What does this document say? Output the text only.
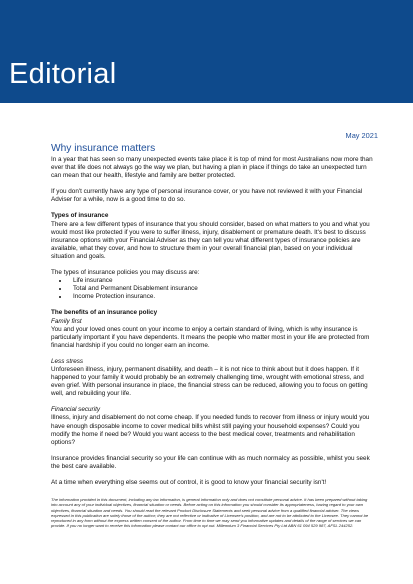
Editorial
May 2021
Why insurance matters

In a year that has seen so many unexpected events take place it is top of mind for most Australians now more than ever that life does not always go the way we plan, but having a plan in place if things do take an unexpected turn can mean that our health, lifestyle and family are better protected.

If you don't currently have any type of personal insurance cover, or you have not reviewed it with your Financial Adviser for a while, now is a good time to do so.

Types of insurance

There are a few different types of insurance that you should consider, based on what matters to you and what you would most like protected if you were to suffer illness, injury, disablement or premature death. It's best to discuss insurance options with your Financial Adviser as they can tell you what different types of insurance policies are available, what they cover, and how to structure them in your overall financial plan, based on your individual situation and goals.

The types of insurance policies you may discuss are:
• Life insurance
• Total and Permanent Disablement insurance
• Income Protection insurance.
The benefits of an insurance policy
Family first

You and your loved ones count on your income to enjoy a certain standard of living, which is why insurance is particularly important if you have dependents. It means the people who matter most in your life are protected from financial hardship if you could no longer earn an income.

Less stress

Unforeseen illness, injury, permanent disability, and death – it is not nice to think about but it does happen. If it happened to your family it would probably be an extremely challenging time, wrought with emotional stress, and even grief. With personal insurance in place, the financial stress can be reduced, allowing you to focus on getting well, and rebuilding your life.

Financial security

Illness, injury and disablement do not come cheap. If you needed funds to recover from illness or injury would you have enough disposable income to cover medical bills whilst still paying your household expenses? Could you modify the home if need be? Would you want access to the best medical cover, treatments and rehabilitation options?

Insurance provides financial security so your life can continue with as much normalcy as possible, whilst you seek the best care available.

At a time when everything else seems out of control, it is good to know your financial security isn't!

The information provided in this document, including any tax information, is general information only and does not constitute personal advice. It has been prepared without taking into account any of your individual objectives, financial situation or needs. Before acting on this information you should consider its appropriateness, having regard to your own objectives, financial situation and needs. You should read the relevant Product Disclosure Statements and seek personal advice from a qualified financial adviser. The views expressed in this publication are solely those of the author; they are not reflective or indicative of Licensee's position, and are not to be attributed to the Licensee. They cannot be reproduced in any form without the express written consent of the author. From time to time we may send you informative updates and details of the range of services we can provide. If you no longer want to receive this information please contact our office to opt out. Millennium 3 Financial Services Pty Ltd ABN 61 094 529 987, AFSL 244252.
